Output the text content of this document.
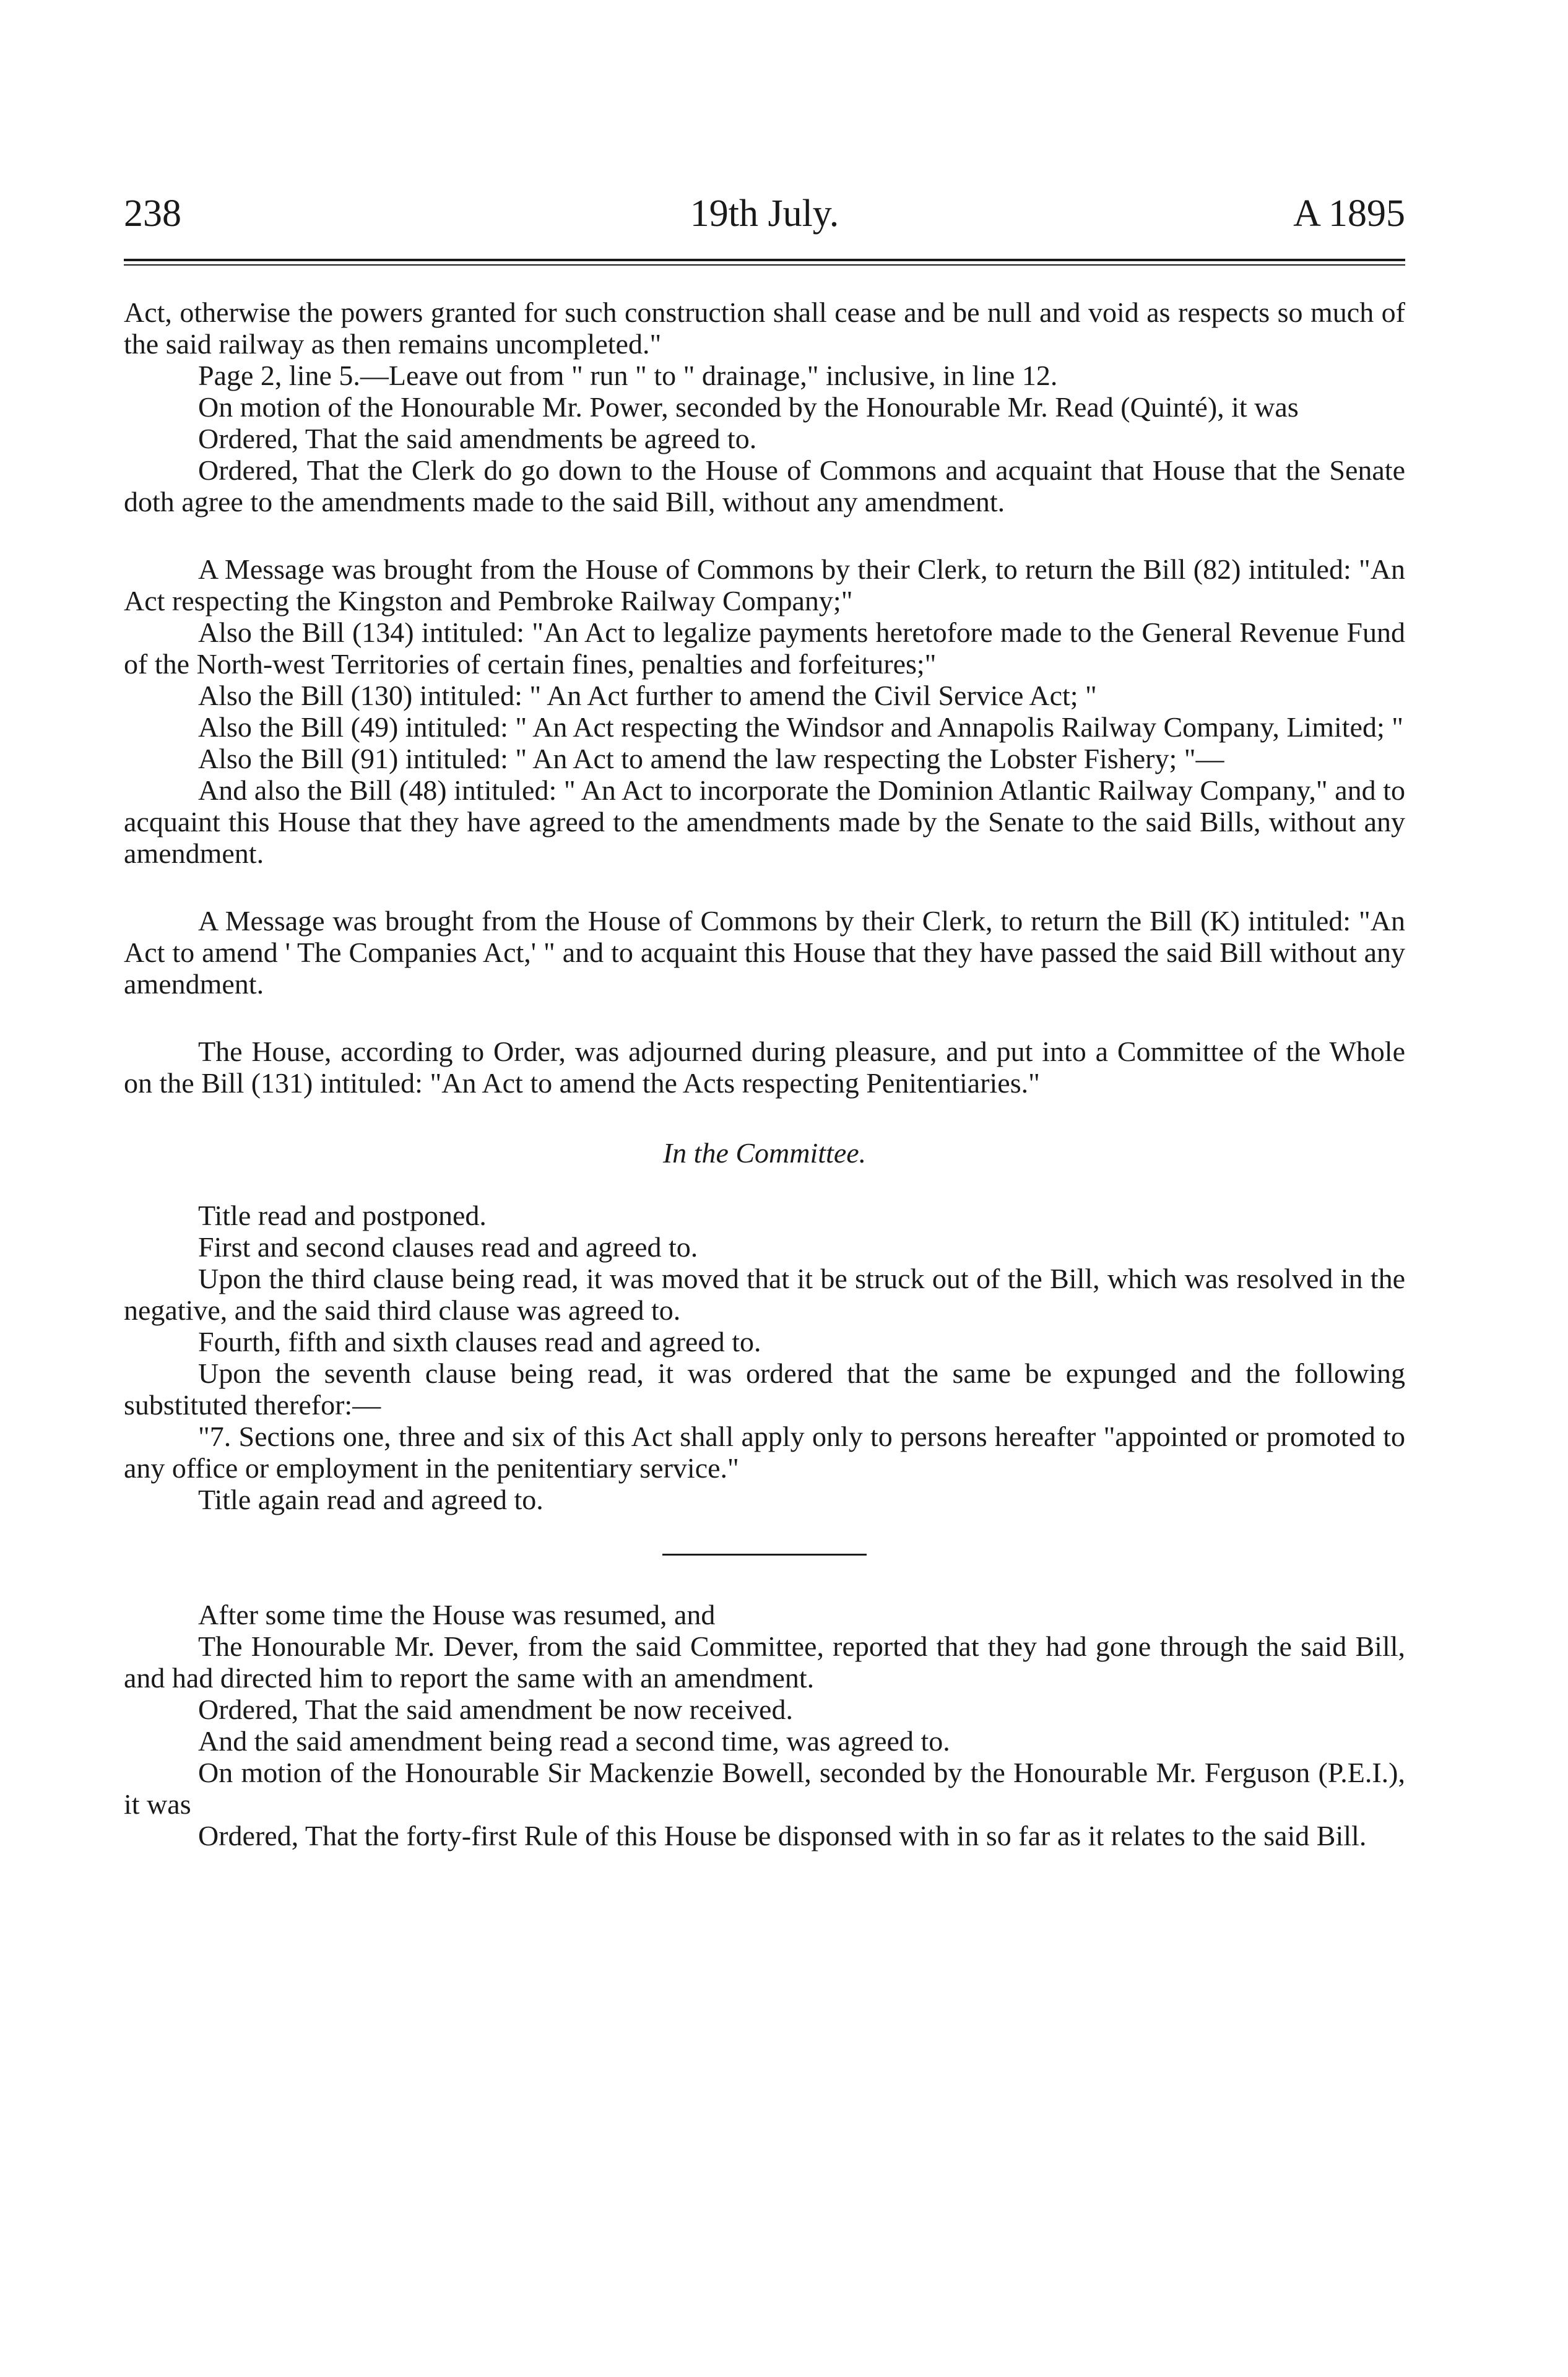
238	19th July.	A 1895

Act, otherwise the powers granted for such construction shall cease and be null and void as respects so much of the said railway as then remains uncompleted."

Page 2, line 5.—Leave out from " run " to " drainage," inclusive, in line 12.

On motion of the Honourable Mr. Power, seconded by the Honourable Mr. Read (Quinté), it was

Ordered, That the said amendments be agreed to.

Ordered, That the Clerk do go down to the House of Commons and acquaint that House that the Senate doth agree to the amendments made to the said Bill, without any amendment.

A Message was brought from the House of Commons by their Clerk, to return the Bill (82) intituled: "An Act respecting the Kingston and Pembroke Railway Company;"

Also the Bill (134) intituled: "An Act to legalize payments heretofore made to the General Revenue Fund of the North-west Territories of certain fines, penalties and forfeitures;"

Also the Bill (130) intituled: " An Act further to amend the Civil Service Act; "

Also the Bill (49) intituled: " An Act respecting the Windsor and Annapolis Railway Company, Limited; "

Also the Bill (91) intituled: " An Act to amend the law respecting the Lobster Fishery; "—

And also the Bill (48) intituled: " An Act to incorporate the Dominion Atlantic Railway Company," and to acquaint this House that they have agreed to the amendments made by the Senate to the said Bills, without any amendment.

A Message was brought from the House of Commons by their Clerk, to return the Bill (K) intituled: "An Act to amend ' The Companies Act,' " and to acquaint this House that they have passed the said Bill without any amendment.

The House, according to Order, was adjourned during pleasure, and put into a Committee of the Whole on the Bill (131) intituled: "An Act to amend the Acts respecting Penitentiaries."

In the Committee.

Title read and postponed.

First and second clauses read and agreed to.

Upon the third clause being read, it was moved that it be struck out of the Bill, which was resolved in the negative, and the said third clause was agreed to.

Fourth, fifth and sixth clauses read and agreed to.

Upon the seventh clause being read, it was ordered that the same be expunged and the following substituted therefor:—

"7. Sections one, three and six of this Act shall apply only to persons hereafter "appointed or promoted to any office or employment in the penitentiary service."

Title again read and agreed to.

After some time the House was resumed, and

The Honourable Mr. Dever, from the said Committee, reported that they had gone through the said Bill, and had directed him to report the same with an amendment.

Ordered, That the said amendment be now received.

And the said amendment being read a second time, was agreed to.

On motion of the Honourable Sir Mackenzie Bowell, seconded by the Honourable Mr. Ferguson (P.E.I.), it was

Ordered, That the forty-first Rule of this House be disponsed with in so far as it relates to the said Bill.
